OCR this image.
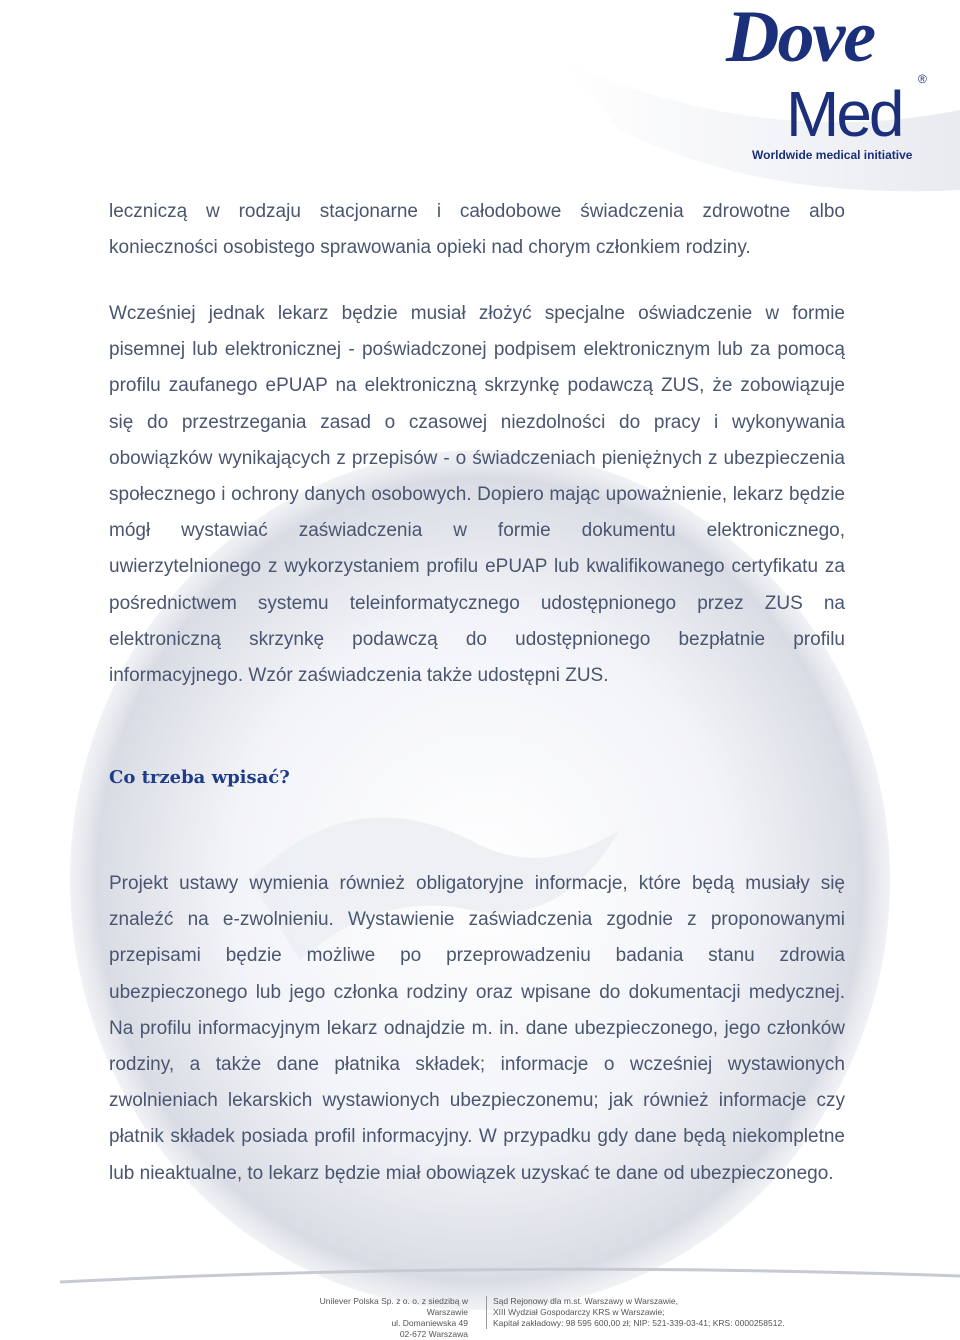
Dove
®
Med
Worldwide medical initiative

leczniczą w rodzaju stacjonarne i całodobowe świadczenia zdrowotne albo konieczności osobistego sprawowania opieki nad chorym członkiem rodziny.

Wcześniej jednak lekarz będzie musiał złożyć specjalne oświadczenie w formie pisemnej lub elektronicznej - poświadczonej podpisem elektronicznym lub za pomocą profilu zaufanego ePUAP na elektroniczną skrzynkę podawczą ZUS, że zobowiązuje się do przestrzegania zasad o czasowej niezdolności do pracy i wykonywania obowiązków wynikających z przepisów - o świadczeniach pieniężnych z ubezpieczenia społecznego i ochrony danych osobowych. Dopiero mając upoważnienie, lekarz będzie mógł wystawiać zaświadczenia w formie dokumentu elektronicznego, uwierzytelnionego z wykorzystaniem profilu ePUAP lub kwalifikowanego certyfikatu za pośrednictwem systemu teleinformatycznego udostępnionego przez ZUS na elektroniczną skrzynkę podawczą do udostępnionego bezpłatnie profilu informacyjnego. Wzór zaświadczenia także udostępni ZUS.

Co trzeba wpisać?

Projekt ustawy wymienia również obligatoryjne informacje, które będą musiały się znaleźć na e-zwolnieniu. Wystawienie zaświadczenia zgodnie z proponowanymi przepisami będzie możliwe po przeprowadzeniu badania stanu zdrowia ubezpieczonego lub jego członka rodziny oraz wpisane do dokumentacji medycznej. Na profilu informacyjnym lekarz odnajdzie m. in. dane ubezpieczonego, jego członków rodziny, a także dane płatnika składek; informacje o wcześniej wystawionych zwolnieniach lekarskich wystawionych ubezpieczonemu; jak również informacje czy płatnik składek posiada profil informacyjny. W przypadku gdy dane będą niekompletne lub nieaktualne, to lekarz będzie miał obowiązek uzyskać te dane od ubezpieczonego.

Unilever Polska Sp. z o. o. z siedzibą w Warszawie
ul. Domaniewska 49
02-672 Warszawa
Sąd Rejonowy dla m.st. Warszawy w Warszawie,
XIII Wydział Gospodarczy KRS w Warszawie;
Kapitał zakładowy: 98 595 600,00 zł; NIP: 521-339-03-41; KRS: 0000258512.
